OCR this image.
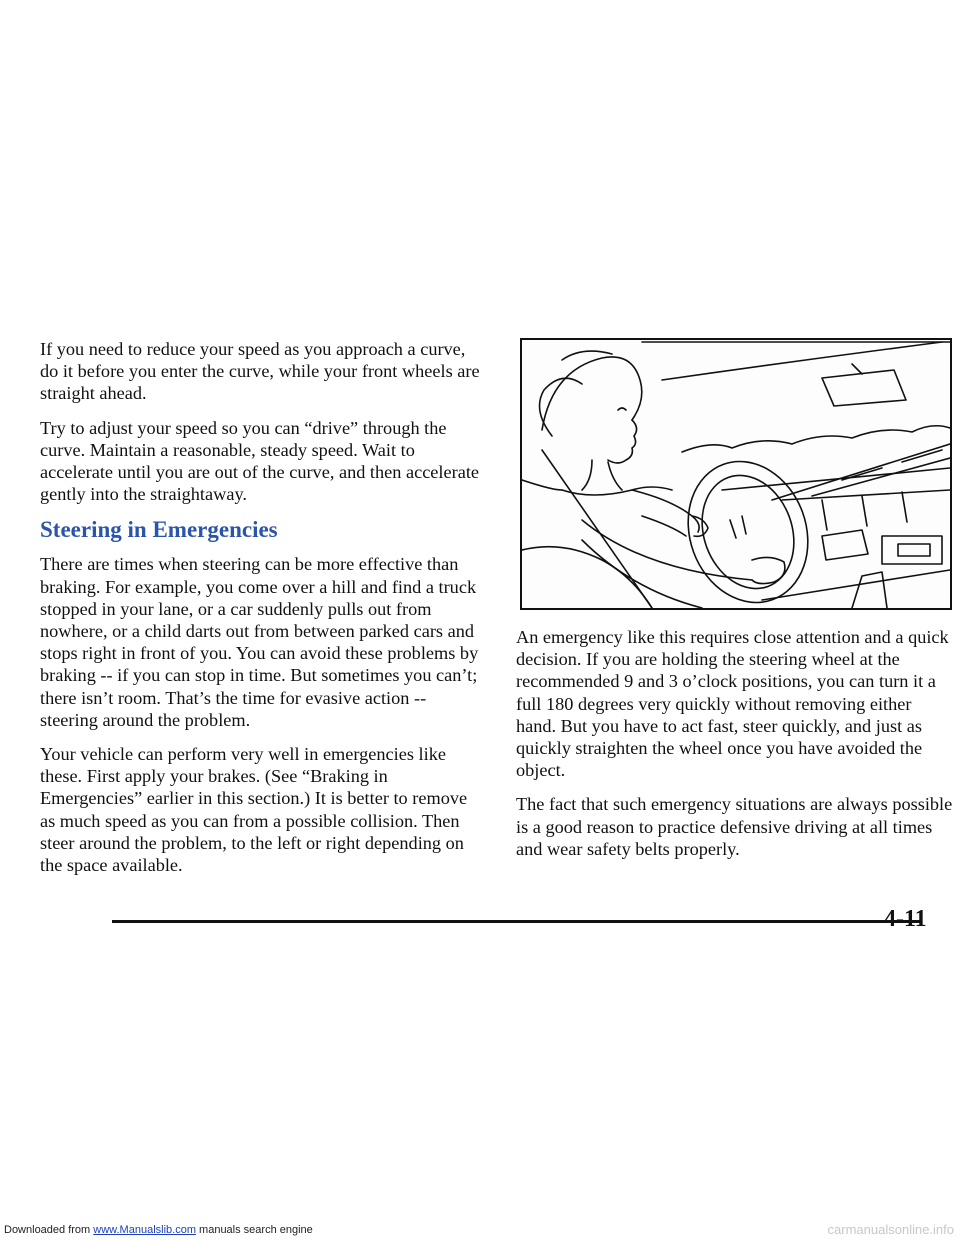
If you need to reduce your speed as you approach a curve, do it before you enter the curve, while your front wheels are straight ahead.

Try to adjust your speed so you can “drive” through the curve. Maintain a reasonable, steady speed. Wait to accelerate until you are out of the curve, and then accelerate gently into the straightaway.

Steering in Emergencies

There are times when steering can be more effective than braking. For example, you come over a hill and find a truck stopped in your lane, or a car suddenly pulls out from nowhere, or a child darts out from between parked cars and stops right in front of you. You can avoid these problems by braking -- if you can stop in time. But sometimes you can’t; there isn’t room. That’s the time for evasive action -- steering around the problem.

Your vehicle can perform very well in emergencies like these. First apply your brakes. (See “Braking in Emergencies” earlier in this section.) It is better to remove as much speed as you can from a possible collision. Then steer around the problem, to the left or right depending on the space available.

An emergency like this requires close attention and a quick decision. If you are holding the steering wheel at the recommended 9 and 3 o’clock positions, you can turn it a full 180 degrees very quickly without removing either hand. But you have to act fast, steer quickly, and just as quickly straighten the wheel once you have avoided the object.

The fact that such emergency situations are always possible is a good reason to practice defensive driving at all times and wear safety belts properly.

4-11
Downloaded from www.Manualslib.com manuals search engine	carmanualsonline.info
